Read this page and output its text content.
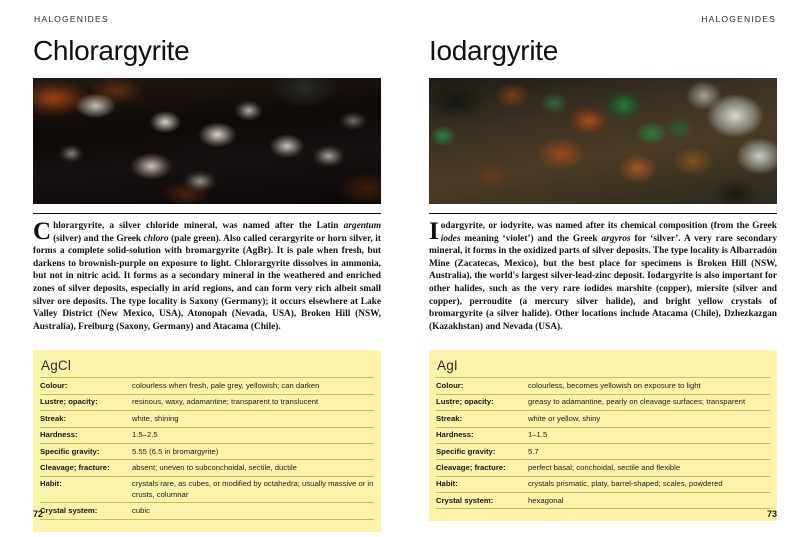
HALOGENIDES
Chlorargyrite

Chlorargyrite, a silver chloride mineral, was named after the Latin argentum (silver) and the Greek chloro (pale green). Also called cerargyrite or horn silver, it forms a complete solid-solution with bromargyrite (AgBr). It is pale when fresh, but darkens to brownish-purple on exposure to light. Chlorargyrite dissolves in ammonia, but not in nitric acid. It forms as a secondary mineral in the weathered and enriched zones of silver deposits, especially in arid regions, and can form very rich albeit small silver ore deposits. The type locality is Saxony (Germany); it occurs elsewhere at Lake Valley District (New Mexico, USA), Atonopah (Nevada, USA), Broken Hill (NSW, Australia), Freiburg (Saxony, Germany) and Atacama (Chile).

AgCl
Colour:	colourless when fresh, pale grey, yellowish; can darken
Lustre; opacity:	resinous, waxy, adamantine; transparent to translucent
Streak:	white, shining
Hardness:	1.5–2.5
Specific gravity:	5.55 (6.5 in bromargyrite)
Cleavage; fracture:	absent; uneven to subconchoidal, sectile, ductile
Habit:	crystals rare, as cubes, or modified by octahedra; usually massive or in crusts, columnar
Crystal system:	cubic
72
HALOGENIDES
Iodargyrite

Iodargyrite, or iodyrite, was named after its chemical composition (from the Greek iodes meaning ‘violet’) and the Greek argyros for ‘silver’. A very rare secondary mineral, it forms in the oxidized parts of silver deposits. The type locality is Albarradón Mine (Zacatecas, Mexico), but the best place for specimens is Broken Hill (NSW, Australia), the world's largest silver-lead-zinc deposit. Iodargyrite is also important for other halides, such as the very rare iodides marshite (copper), miersite (silver and copper), perroudite (a mercury silver halide), and bright yellow crystals of bromargyrite (a silver halide). Other locations include Atacama (Chile), Dzhezkazgan (Kazakhstan) and Nevada (USA).

AgI
Colour:	colourless, becomes yellowish on exposure to light
Lustre; opacity:	greasy to adamantine, pearly on cleavage surfaces; transparent
Streak:	white or yellow, shiny
Hardness:	1–1.5
Specific gravity:	5.7
Cleavage; fracture:	perfect basal; conchoidal, sectile and flexible
Habit:	crystals prismatic, platy, barrel-shaped; scales, powdered
Crystal system:	hexagonal
73
